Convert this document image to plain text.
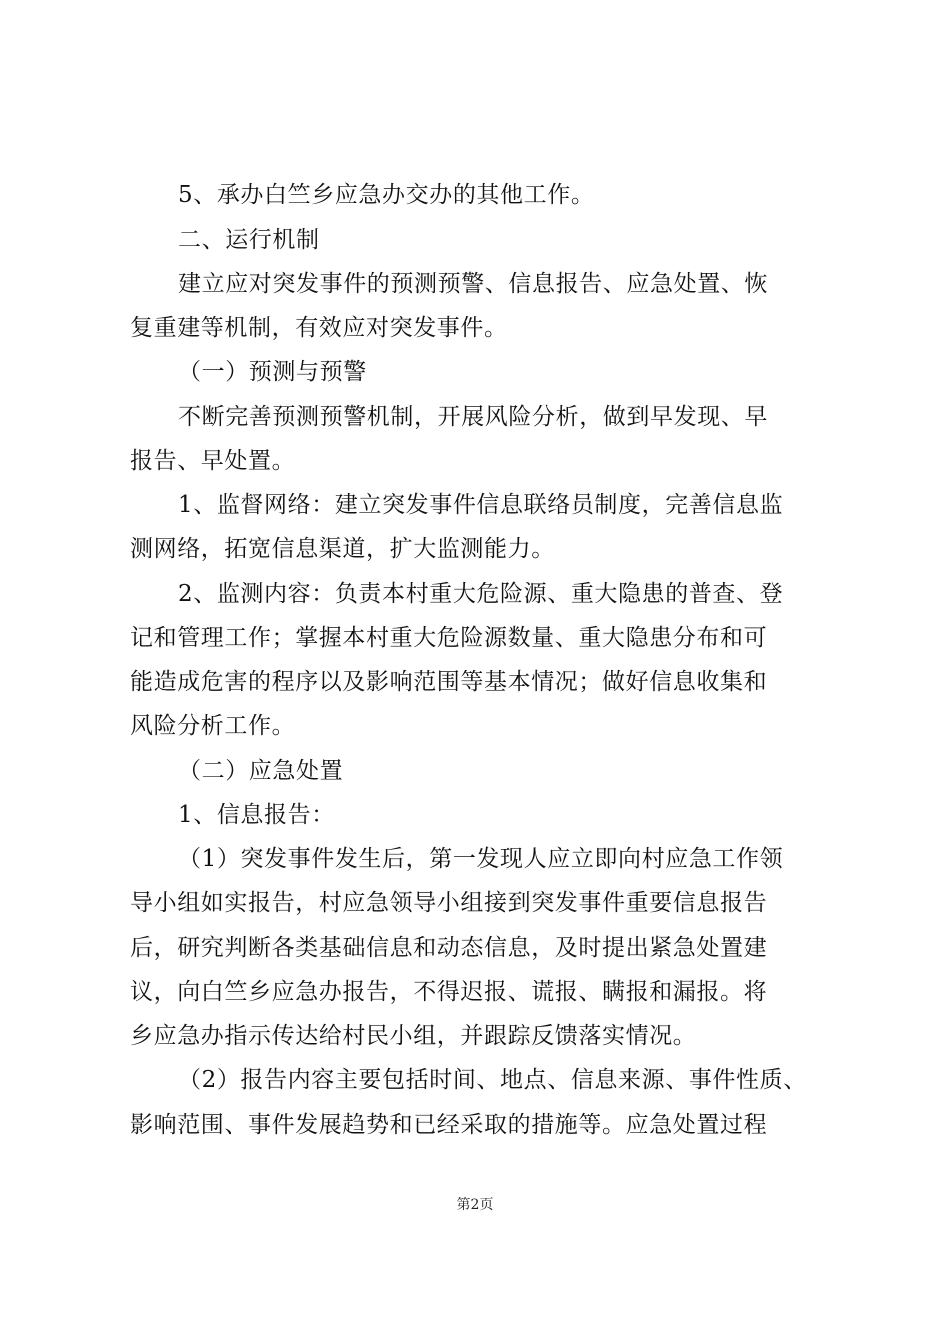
5、承办白竺乡应急办交办的其他工作。
二、运行机制
建立应对突发事件的预测预警、信息报告、应急处置、恢
复重建等机制，有效应对突发事件。
（一）预测与预警
不断完善预测预警机制，开展风险分析，做到早发现、早
报告、早处置。
1、监督网络：建立突发事件信息联络员制度，完善信息监
测网络，拓宽信息渠道，扩大监测能力。
2、监测内容：负责本村重大危险源、重大隐患的普查、登
记和管理工作；掌握本村重大危险源数量、重大隐患分布和可
能造成危害的程序以及影响范围等基本情况；做好信息收集和
风险分析工作。
（二）应急处置
1、信息报告：
（1）突发事件发生后，第一发现人应立即向村应急工作领
导小组如实报告，村应急领导小组接到突发事件重要信息报告
后，研究判断各类基础信息和动态信息，及时提出紧急处置建
议，向白竺乡应急办报告，不得迟报、谎报、瞒报和漏报。将
乡应急办指示传达给村民小组，并跟踪反馈落实情况。
（2）报告内容主要包括时间、地点、信息来源、事件性质、
影响范围、事件发展趋势和已经采取的措施等。应急处置过程
第2页
